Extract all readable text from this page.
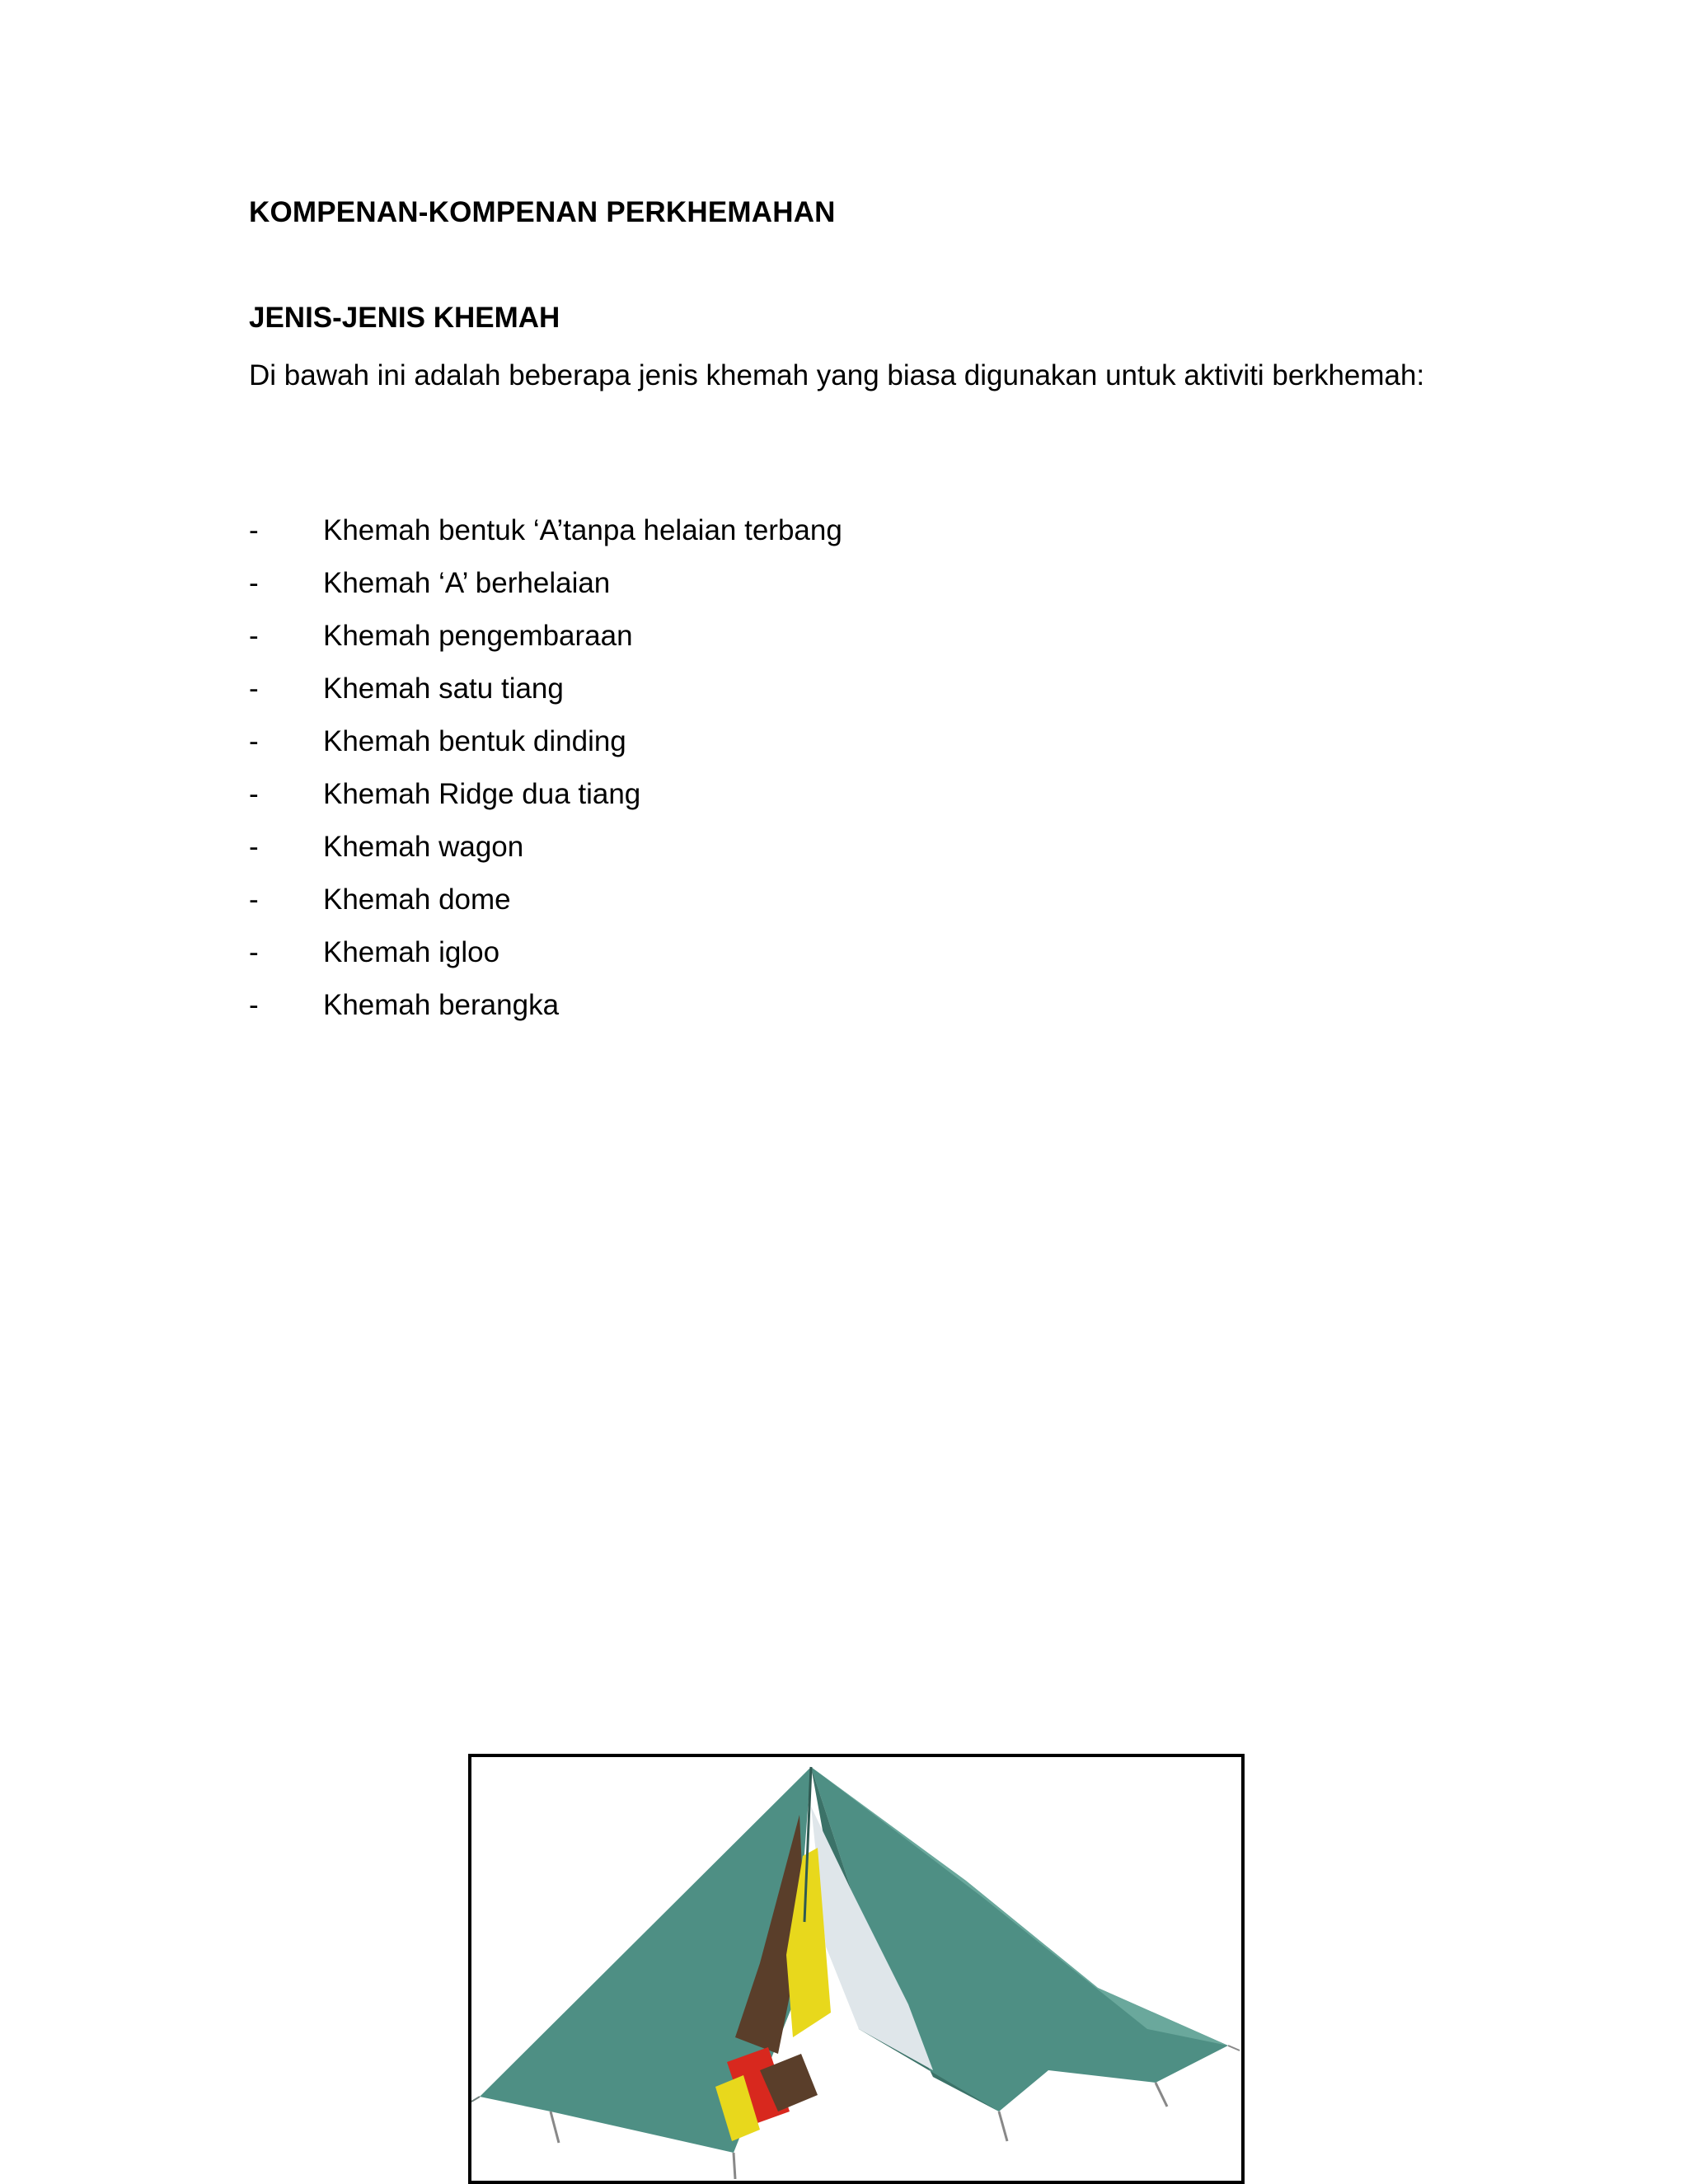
KOMPENAN-KOMPENAN PERKHEMAHAN
JENIS-JENIS KHEMAH
Di bawah ini adalah beberapa jenis khemah yang biasa digunakan untuk aktiviti berkhemah:
- Khemah bentuk ‘A’tanpa helaian terbang
- Khemah ‘A’ berhelaian
- Khemah pengembaraan
- Khemah satu tiang
- Khemah bentuk dinding
- Khemah Ridge dua tiang
- Khemah wagon
- Khemah dome
- Khemah igloo
- Khemah berangka
